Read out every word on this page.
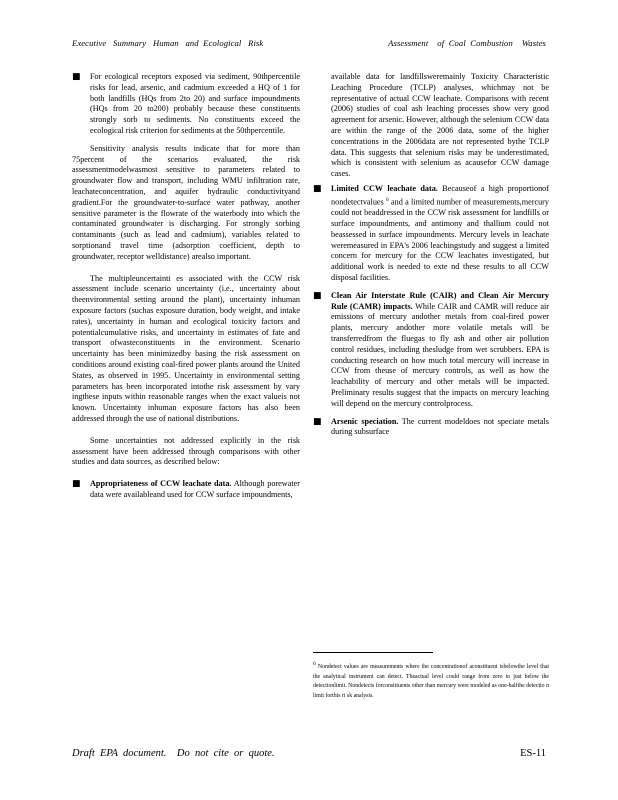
Executive   Summary   Human   and  Ecological   Risk	Assessment    of  Coal  Combustion    Wastes
■ For ecological receptors exposed via sediment, 90thpercentile risks for lead, arsenic, and cadmium exceeded a HQ of 1 for both landfills (HQs from 2to 20) and surface impoundments (HQs from 20 to200) probably because these constituents strongly sorb to sediments. No constituents exceed the ecological risk criterion for sediments at the 50thpercentile.

Sensitivity analysis results indicate that for more than 75percent of the scenarios evaluated, the risk assessmentmodelwasmost sensitive to parameters related to groundwater flow and transport, including WMU infiltration rate, leachateconcentration, and aquifer hydraulic conductivityand gradient.For the groundwater-to-surface water pathway, another sensitive parameter is the flowrate of the waterbody into which the contaminated groundwater is discharging. For strongly sorbing contaminants (such as lead and cadmium), variables related to sorptionand travel time (adsorption coefficient, depth to groundwater, receptor welldistance) arealso important.

The multipleuncertainti es associated with the CCW risk assessment include scenario uncertainty (i.e., uncertainty about theenvironmental setting around the plant), uncertainty inhuman exposure factors (suchas exposure duration, body weight, and intake rates), uncertainty in human and ecological toxicity factors and potentialcumulative risks, and uncertainty in estimates of fate and transport ofwasteconstituents in the environment. Scenario uncertainty has been minimizedby basing the risk assessment on conditions around existing coal-fired power plants around the United States, as observed in 1995. Uncertainty in environmental setting parameters has been incorporated intothe risk assessment by vary ingthese inputs within reasonable ranges when the exact valueis not known. Uncertainty inhuman exposure factors has also been addressed through the use of national distributions.

Some uncertainties not addressed explicitly in the risk assessment have been addressed through comparisons with other studies and data sources, as described below:

■ Appropriateness of CCW leachate data. Although porewater data were availableand used for CCW surface impoundments,
available data for landfillsweremainly Toxicity Characteristic Leaching Procedure (TCLP) analyses, whichmay not be representative of actual CCW leachate. Comparisons with recent (2006) studies of coal ash leaching processes show very good agreement for arsenic. However, although the selenium CCW data are within the range of the 2006 data, some of the higher concentrations in the 2006data are not represented bythe TCLP data. This suggests that selenium risks may be underestimated, which is consistent with selenium as acausefor CCW damage cases.
■ Limited CCW leachate data. Becauseof a high proportionof nondetectvalues $^6$ and a limited number of measurements,mercury could not beaddressed in the CCW risk assessment for landfills or surface impoundments, and antimony and thallium could not beassessed in surface impoundments. Mercury levels in leachate weremeasured in EPA's 2006 leachingstudy and suggest a limited concern for mercury for the CCW leachates investigated, but additional work is needed to exte nd these results to all CCW disposal facilities.
■ Clean Air Interstate Rule (CAIR) and Clean Air Mercury Rule (CAMR) impacts. While CAIR and CAMR will reduce air emissions of mercury andother metals from coal-fired power plants, mercury andother more volatile metals will be transferredfrom the fluegas to fly ash and other air pollution control residues, including thesludge from wet scrubbers. EPA is conducting research on how much total mercury will increase in CCW from theuse of mercury controls, as well as how the leachability of mercury and other metals will be impacted. Preliminary results suggest that the impacts on mercury leaching will depend on the mercury controlprocess.
■ Arsenic speciation. The current modeldoes not speciate metals during subsurface
6 Nondetect values are measurements where the concentrationof aconstituent isbelowthe level that the analytical instrument can detect. Theactual level could range from zero to just below the detectionlimit. Nondetects forconstituents other than mercury were modeled as one-halfthe detectio n limit forthis ri sk analysis.
Draft  EPA  document.    Do  not  cite  or  quote.	ES-11
